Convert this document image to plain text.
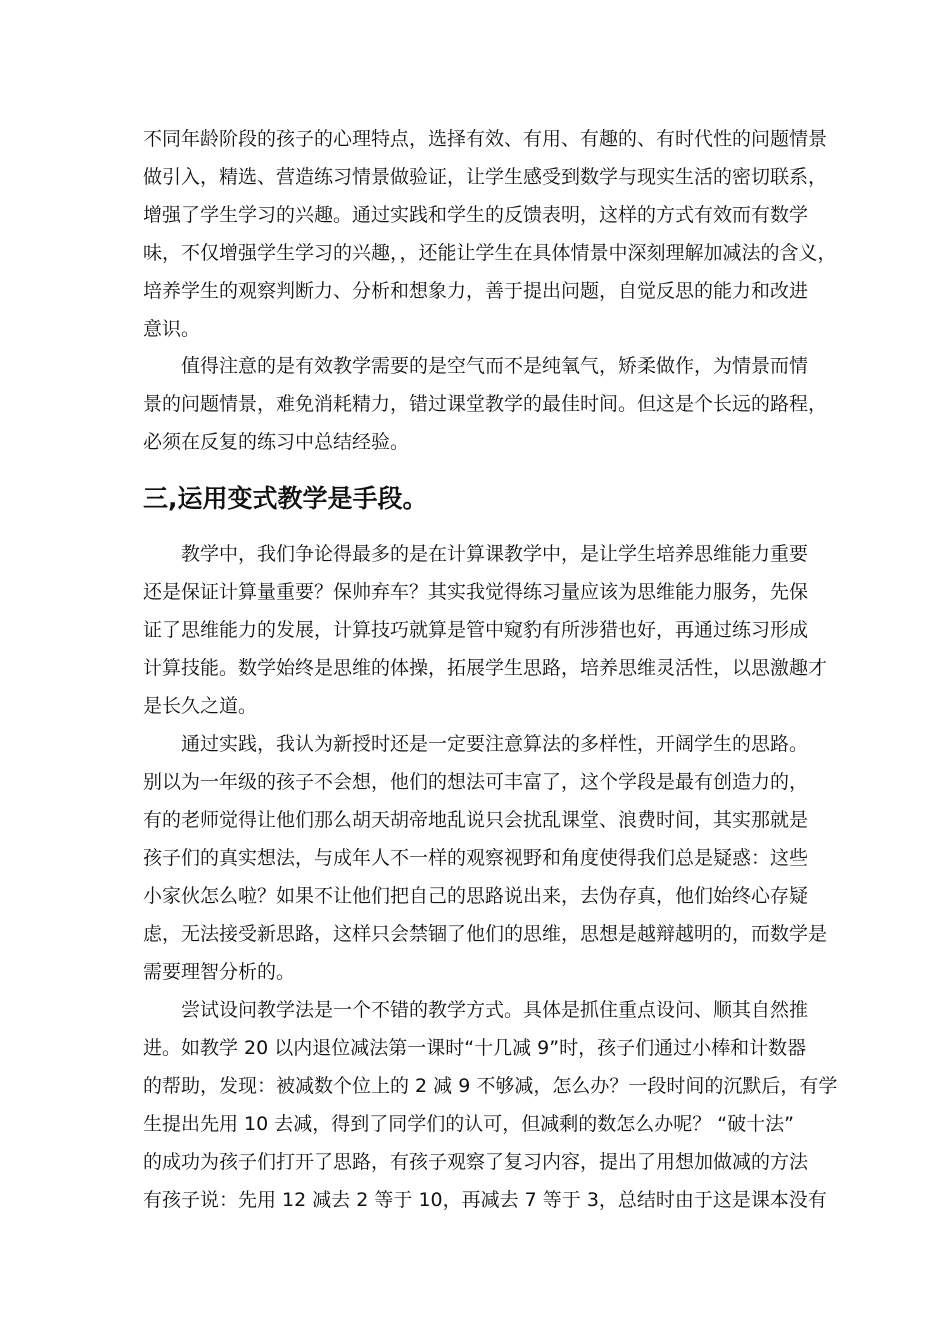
不同年龄阶段的孩子的心理特点，选择有效、有用、有趣的、有时代性的问题情景
做引入，精选、营造练习情景做验证，让学生感受到数学与现实生活的密切联系，
增强了学生学习的兴趣。通过实践和学生的反馈表明，这样的方式有效而有数学
味，不仅增强学生学习的兴趣，，还能让学生在具体情景中深刻理解加减法的含义，
培养学生的观察判断力、分析和想象力，善于提出问题，自觉反思的能力和改进
意识。
　　值得注意的是有效教学需要的是空气而不是纯氧气，矫柔做作，为情景而情
景的问题情景，难免消耗精力，错过课堂教学的最佳时间。但这是个长远的路程，
必须在反复的练习中总结经验。
三,运用变式教学是手段。
　　教学中，我们争论得最多的是在计算课教学中，是让学生培养思维能力重要
还是保证计算量重要？保帅弃车？其实我觉得练习量应该为思维能力服务，先保
证了思维能力的发展，计算技巧就算是管中窥豹有所涉猎也好，再通过练习形成
计算技能。数学始终是思维的体操，拓展学生思路，培养思维灵活性，以思激趣才
是长久之道。
　　通过实践，我认为新授时还是一定要注意算法的多样性，开阔学生的思路。
别以为一年级的孩子不会想，他们的想法可丰富了，这个学段是最有创造力的，
有的老师觉得让他们那么胡天胡帝地乱说只会扰乱课堂、浪费时间，其实那就是
孩子们的真实想法，与成年人不一样的观察视野和角度使得我们总是疑惑：这些
小家伙怎么啦？如果不让他们把自己的思路说出来，去伪存真，他们始终心存疑
虑，无法接受新思路，这样只会禁锢了他们的思维，思想是越辩越明的，而数学是
需要理智分析的。
　　尝试设问教学法是一个不错的教学方式。具体是抓住重点设问、顺其自然推
进。如教学 20 以内退位减法第一课时“十几减 9”时，孩子们通过小棒和计数器
的帮助，发现：被减数个位上的 2 减 9 不够减，怎么办？一段时间的沉默后，有学
生提出先用 10 去减，得到了同学们的认可，但减剩的数怎么办呢？ “破十法”
的成功为孩子们打开了思路，有孩子观察了复习内容，提出了用想加做减的方法
有孩子说：先用 12 减去 2 等于 10，再减去 7 等于 3，总结时由于这是课本没有
